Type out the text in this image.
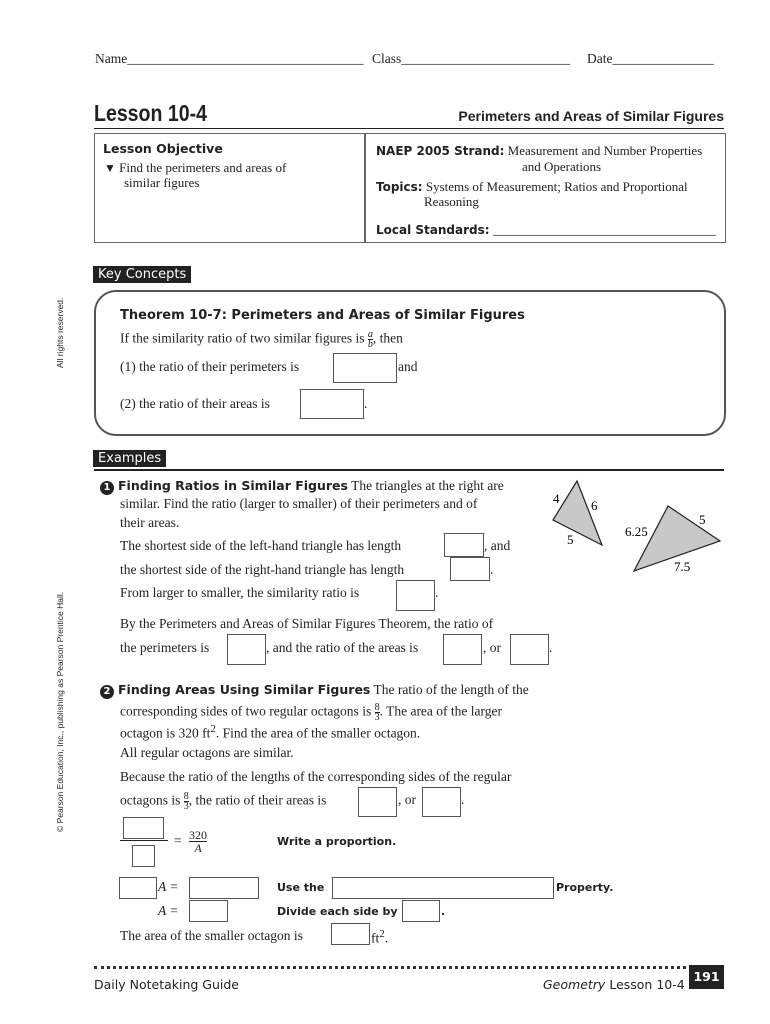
Name___________________________________ Class_________________________ Date_______________
Lesson 10-4	Perimeters and Areas of Similar Figures
Lesson Objective
▼ Find the perimeters and areas of
similar figures
NAEP 2005 Strand: Measurement and Number Properties
and Operations
Topics: Systems of Measurement; Ratios and Proportional
Reasoning
Local Standards: _________________________________
All rights reserved.
© Pearson Education, Inc., publishing as Pearson Prentice Hall.
Key Concepts
Theorem 10-7: Perimeters and Areas of Similar Figures
If the similarity ratio of two similar figures is $\frac{a}{b}$ , then
(1) the ratio of their perimeters is	and
(2) the ratio of their areas is	.
Examples
1 Finding Ratios in Similar Figures The triangles at the right are
similar. Find the ratio (larger to smaller) of their perimeters and of
their areas.
The shortest side of the left-hand triangle has length	, and
the shortest side of the right-hand triangle has length	.
From larger to smaller, the similarity ratio is	.
By the Perimeters and Areas of Similar Figures Theorem, the ratio of
the perimeters is	, and the ratio of the areas is	, or	.
4 6
5
6.25
5
7.5
2 Finding Areas Using Similar Figures The ratio of the length of the
corresponding sides of two regular octagons is $\frac{8}{3}$ . The area of the larger
octagon is 320 $ft^2$. Find the area of the smaller octagon.
All regular octagons are similar.
Because the ratio of the lengths of the corresponding sides of the regular
octagons is $\frac{8}{3}$ , the ratio of their areas is	, or	.
= $\frac{320}{A}$	Write a proportion.
A =	Use the	Property.
A =	Divide each side by	.
The area of the smaller octagon is	$ft^2$.
Daily Notetaking Guide	Geometry Lesson 10-4
191
